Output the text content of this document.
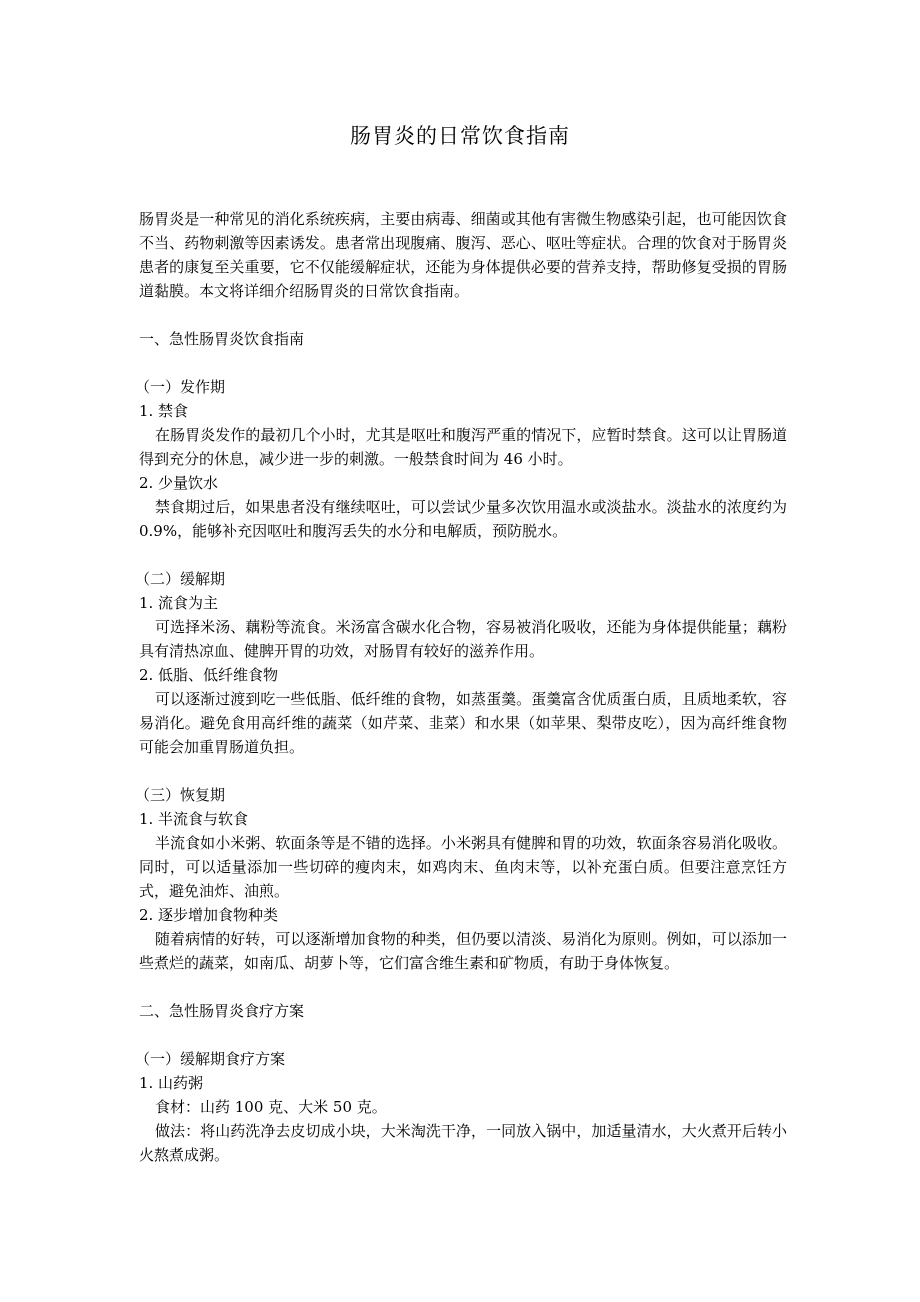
肠胃炎的日常饮食指南

肠胃炎是一种常见的消化系统疾病，主要由病毒、细菌或其他有害微生物感染引起，也可能因饮食不当、药物刺激等因素诱发。患者常出现腹痛、腹泻、恶心、呕吐等症状。合理的饮食对于肠胃炎患者的康复至关重要，它不仅能缓解症状，还能为身体提供必要的营养支持，帮助修复受损的胃肠道黏膜。本文将详细介绍肠胃炎的日常饮食指南。

一、急性肠胃炎饮食指南

（一）发作期

1. 禁食

在肠胃炎发作的最初几个小时，尤其是呕吐和腹泻严重的情况下，应暂时禁食。这可以让胃肠道得到充分的休息，减少进一步的刺激。一般禁食时间为 46 小时。

2. 少量饮水

禁食期过后，如果患者没有继续呕吐，可以尝试少量多次饮用温水或淡盐水。淡盐水的浓度约为 0.9%，能够补充因呕吐和腹泻丢失的水分和电解质，预防脱水。

（二）缓解期

1. 流食为主

可选择米汤、藕粉等流食。米汤富含碳水化合物，容易被消化吸收，还能为身体提供能量；藕粉具有清热凉血、健脾开胃的功效，对肠胃有较好的滋养作用。

2. 低脂、低纤维食物

可以逐渐过渡到吃一些低脂、低纤维的食物，如蒸蛋羹。蛋羹富含优质蛋白质，且质地柔软，容易消化。避免食用高纤维的蔬菜（如芹菜、韭菜）和水果（如苹果、梨带皮吃），因为高纤维食物可能会加重胃肠道负担。

（三）恢复期

1. 半流食与软食

半流食如小米粥、软面条等是不错的选择。小米粥具有健脾和胃的功效，软面条容易消化吸收。同时，可以适量添加一些切碎的瘦肉末，如鸡肉末、鱼肉末等，以补充蛋白质。但要注意烹饪方式，避免油炸、油煎。

2. 逐步增加食物种类

随着病情的好转，可以逐渐增加食物的种类，但仍要以清淡、易消化为原则。例如，可以添加一些煮烂的蔬菜，如南瓜、胡萝卜等，它们富含维生素和矿物质，有助于身体恢复。

二、急性肠胃炎食疗方案

（一）缓解期食疗方案

1. 山药粥

食材：山药 100 克、大米 50 克。

做法：将山药洗净去皮切成小块，大米淘洗干净，一同放入锅中，加适量清水，大火煮开后转小火熬煮成粥。
